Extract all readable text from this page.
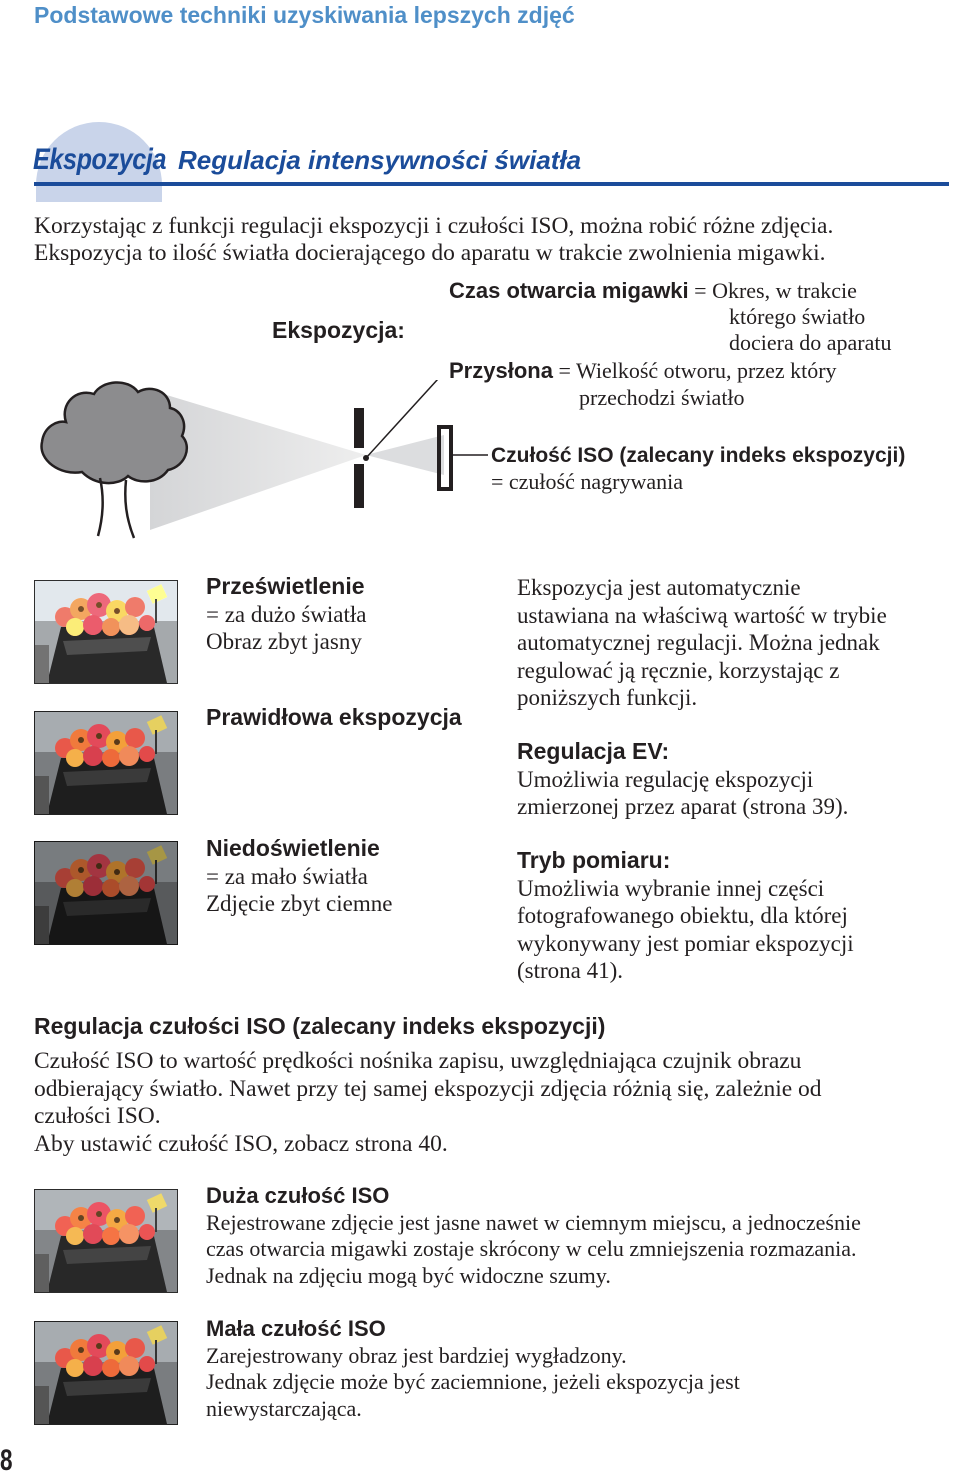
Podstawowe techniki uzyskiwania lepszych zdjęć
Ekspozycja Regulacja intensywności światła
Korzystając z funkcji regulacji ekspozycji i czułości ISO, można robić różne zdjęcia.
Ekspozycja to ilość światła docierającego do aparatu w trakcie zwolnienia migawki.
Ekspozycja:
Czas otwarcia migawki = Okres, w trakcie
którego światło
dociera do aparatu
Przysłona = Wielkość otworu, przez który
przechodzi światło
Czułość ISO (zalecany indeks ekspozycji)
= czułość nagrywania
Prześwietlenie
= za dużo światła
Obraz zbyt jasny
Prawidłowa ekspozycja
Niedoświetlenie
= za mało światła
Zdjęcie zbyt ciemne
Ekspozycja jest automatycznie
ustawiana na właściwą wartość w trybie
automatycznej regulacji. Można jednak
regulować ją ręcznie, korzystając z
poniższych funkcji.
Regulacja EV:
Umożliwia regulację ekspozycji
zmierzonej przez aparat (strona 39).
Tryb pomiaru:
Umożliwia wybranie innej części
fotografowanego obiektu, dla której
wykonywany jest pomiar ekspozycji
(strona 41).
Regulacja czułości ISO (zalecany indeks ekspozycji)
Czułość ISO to wartość prędkości nośnika zapisu, uwzględniająca czujnik obrazu
odbierający światło. Nawet przy tej samej ekspozycji zdjęcia różnią się, zależnie od
czułości ISO.
Aby ustawić czułość ISO, zobacz strona 40.
Duża czułość ISO
Rejestrowane zdjęcie jest jasne nawet w ciemnym miejscu, a jednocześnie
czas otwarcia migawki zostaje skrócony w celu zmniejszenia rozmazania.
Jednak na zdjęciu mogą być widoczne szumy.
Mała czułość ISO
Zarejestrowany obraz jest bardziej wygładzony.
Jednak zdjęcie może być zaciemnione, jeżeli ekspozycja jest
niewystarczająca.
8
